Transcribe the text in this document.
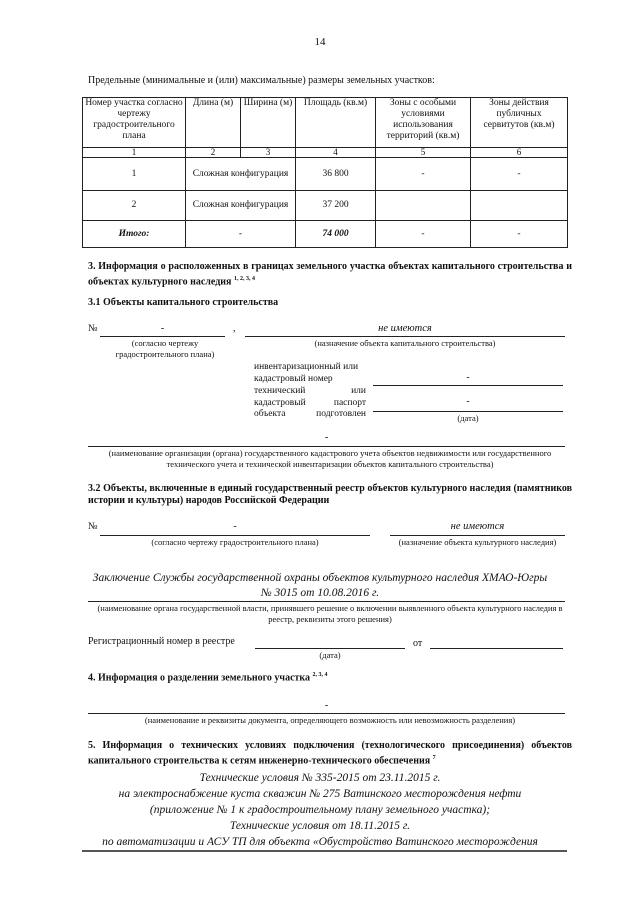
14
Предельные (минимальные и (или) максимальные) размеры земельных участков:
Номер участка согласно чертежу градостроительного плана	Длина (м)	Ширина (м)	Площадь (кв.м)	Зоны с особыми условиями использования территорий (кв.м)	Зоны действия публичных сервитутов (кв.м)
1	2	3	4	5	6
1	Сложная конфигурация		36 800	-	-
2	Сложная конфигурация		37 200		
Итого:	-		74 000	-	-
3. Информация о расположенных в границах земельного участка объектах капитального строительства и объектах культурного наследия $^{1, 2, 3, 4}$
3.1 Объекты капитального строительства
№	-	,	не имеются
(согласно чертежу градостроительного плана)
(назначение объекта капитального строительства)
инвентаризационный или кадастровый номер	-
технический или кадастровый паспорт объекта подготовлен
-
(дата)
-
(наименование организации (органа) государственного кадастрового учета объектов недвижимости или государственного технического учета и технической инвентаризации объектов капитального строительства)
3.2 Объекты, включенные в единый государственный реестр объектов культурного наследия (памятников истории и культуры) народов Российской Федерации
№	-	не имеются
(согласно чертежу градостроительного плана)	(назначение объекта культурного наследия)
Заключение Службы государственной охраны объектов культурного наследия ХМАО-Югры
№ 3015 от 10.08.2016 г.
(наименование органа государственной власти, принявшего решение о включении выявленного объекта культурного наследия в реестр, реквизиты этого решения)
Регистрационный номер в реестре	от
(дата)
4. Информация о разделении земельного участка $^{2, 3, 4}$
-
(наименование и реквизиты документа, определяющего возможность или невозможность разделения)
5. Информация о технических условиях подключения (технологического присоединения) объектов капитального строительства к сетям инженерно-технического обеспечения $^7$
Технические условия № 335-2015 от 23.11.2015 г.
на электроснабжение куста скважин № 275 Ватинского месторождения нефти
(приложение № 1 к градостроительному плану земельного участка);
Технические условия от 18.11.2015 г.
по автоматизации и АСУ ТП для объекта «Обустройство Ватинского месторождения
